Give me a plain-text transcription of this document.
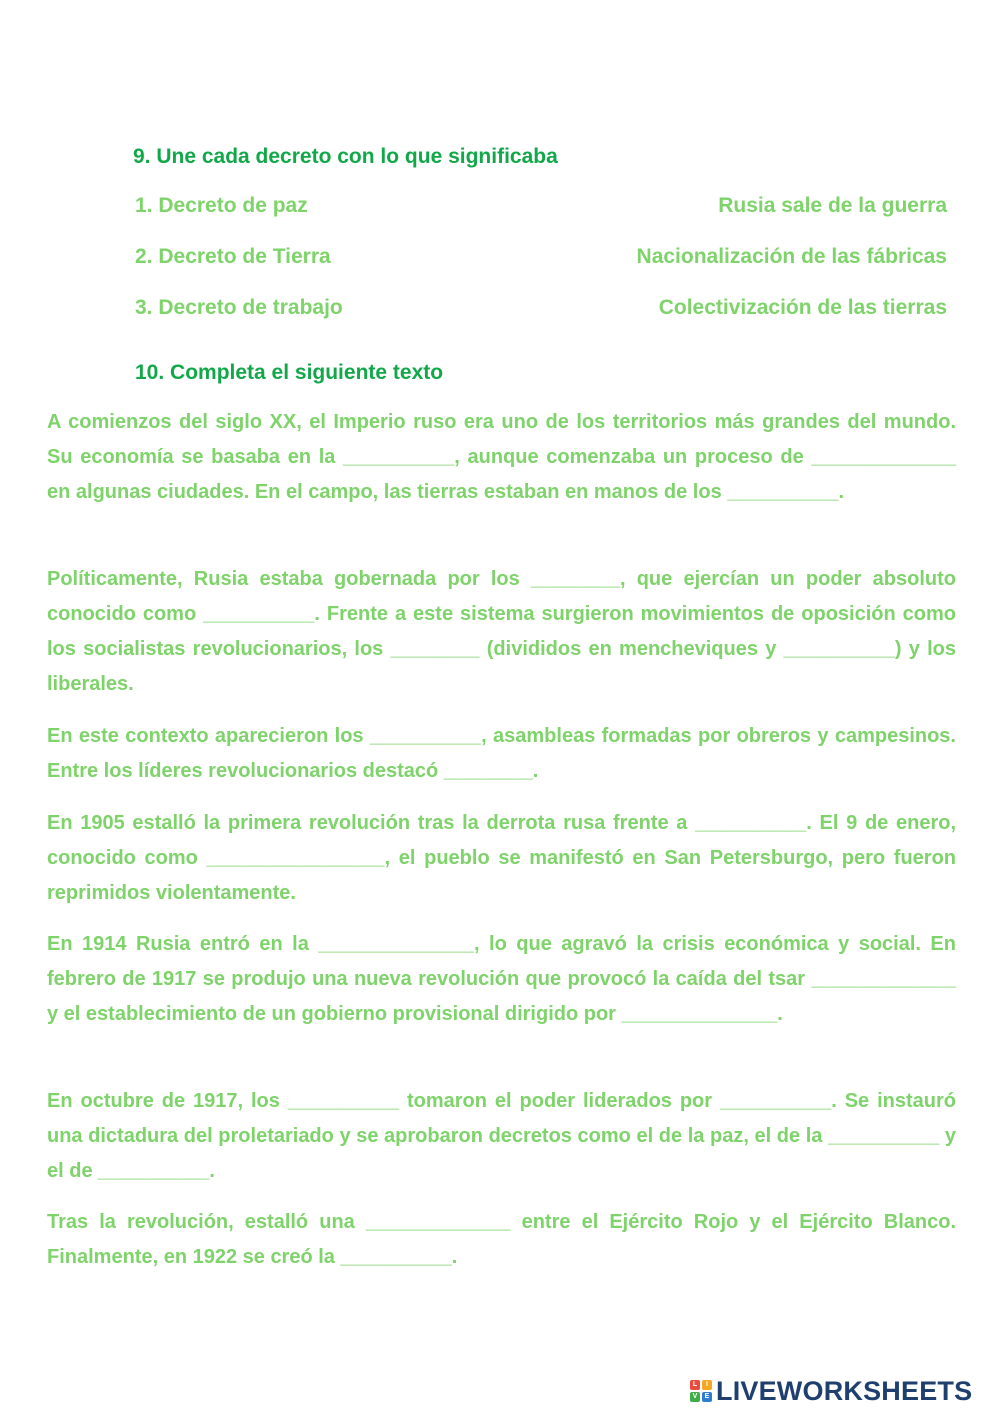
9. Une cada decreto con lo que significaba
1. Decreto de paz	Rusia sale de la guerra
2. Decreto de Tierra	Nacionalización de las fábricas
3. Decreto de trabajo	Colectivización de las tierras
10. Completa el siguiente texto

A comienzos del siglo XX, el Imperio ruso era uno de los territorios más grandes del mundo. Su economía se basaba en la __________, aunque comenzaba un proceso de _____________ en algunas ciudades. En el campo, las tierras estaban en manos de los __________.

Políticamente, Rusia estaba gobernada por los ________, que ejercían un poder absoluto conocido como __________. Frente a este sistema surgieron movimientos de oposición como los socialistas revolucionarios, los ________ (divididos en mencheviques y __________) y los liberales.

En este contexto aparecieron los __________, asambleas formadas por obreros y campesinos. Entre los líderes revolucionarios destacó ________.

En 1905 estalló la primera revolución tras la derrota rusa frente a __________. El 9 de enero, conocido como ________________, el pueblo se manifestó en San Petersburgo, pero fueron reprimidos violentamente.

En 1914 Rusia entró en la ______________, lo que agravó la crisis económica y social. En febrero de 1917 se produjo una nueva revolución que provocó la caída del tsar _____________ y el establecimiento de un gobierno provisional dirigido por ______________.

En octubre de 1917, los __________ tomaron el poder liderados por __________. Se instauró una dictadura del proletariado y se aprobaron decretos como el de la paz, el de la __________ y el de __________.

Tras la revolución, estalló una _____________ entre el Ejército Rojo y el Ejército Blanco. Finalmente, en 1922 se creó la __________.

L	I
V	E LIVEWORKSHEETS
